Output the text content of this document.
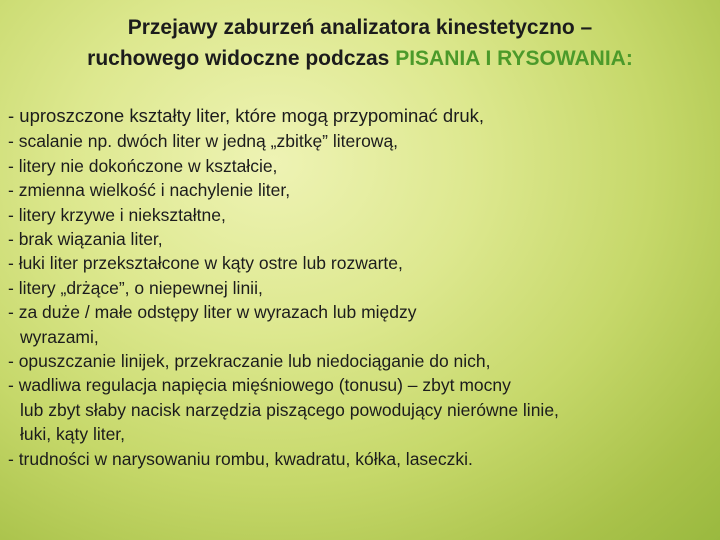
Przejawy zaburzeń analizatora kinestetyczno –
ruchowego widoczne podczas PISANIA I RYSOWANIA:
- uproszczone kształty liter, które mogą przypominać druk,
- scalanie np. dwóch liter w jedną „zbitkę” literową,
- litery nie dokończone w kształcie,
- zmienna wielkość i nachylenie liter,
- litery krzywe i niekształtne,
- brak wiązania liter,
- łuki liter przekształcone w kąty ostre lub rozwarte,
- litery „drżące”, o niepewnej linii,
- za duże / małe odstępy liter w wyrazach lub między
wyrazami,
- opuszczanie linijek, przekraczanie lub niedociąganie do nich,
- wadliwa regulacja napięcia mięśniowego (tonusu) – zbyt mocny
lub zbyt słaby nacisk narzędzia piszącego powodujący nierówne linie,
łuki, kąty liter,
- trudności w narysowaniu rombu, kwadratu, kółka, laseczki.
